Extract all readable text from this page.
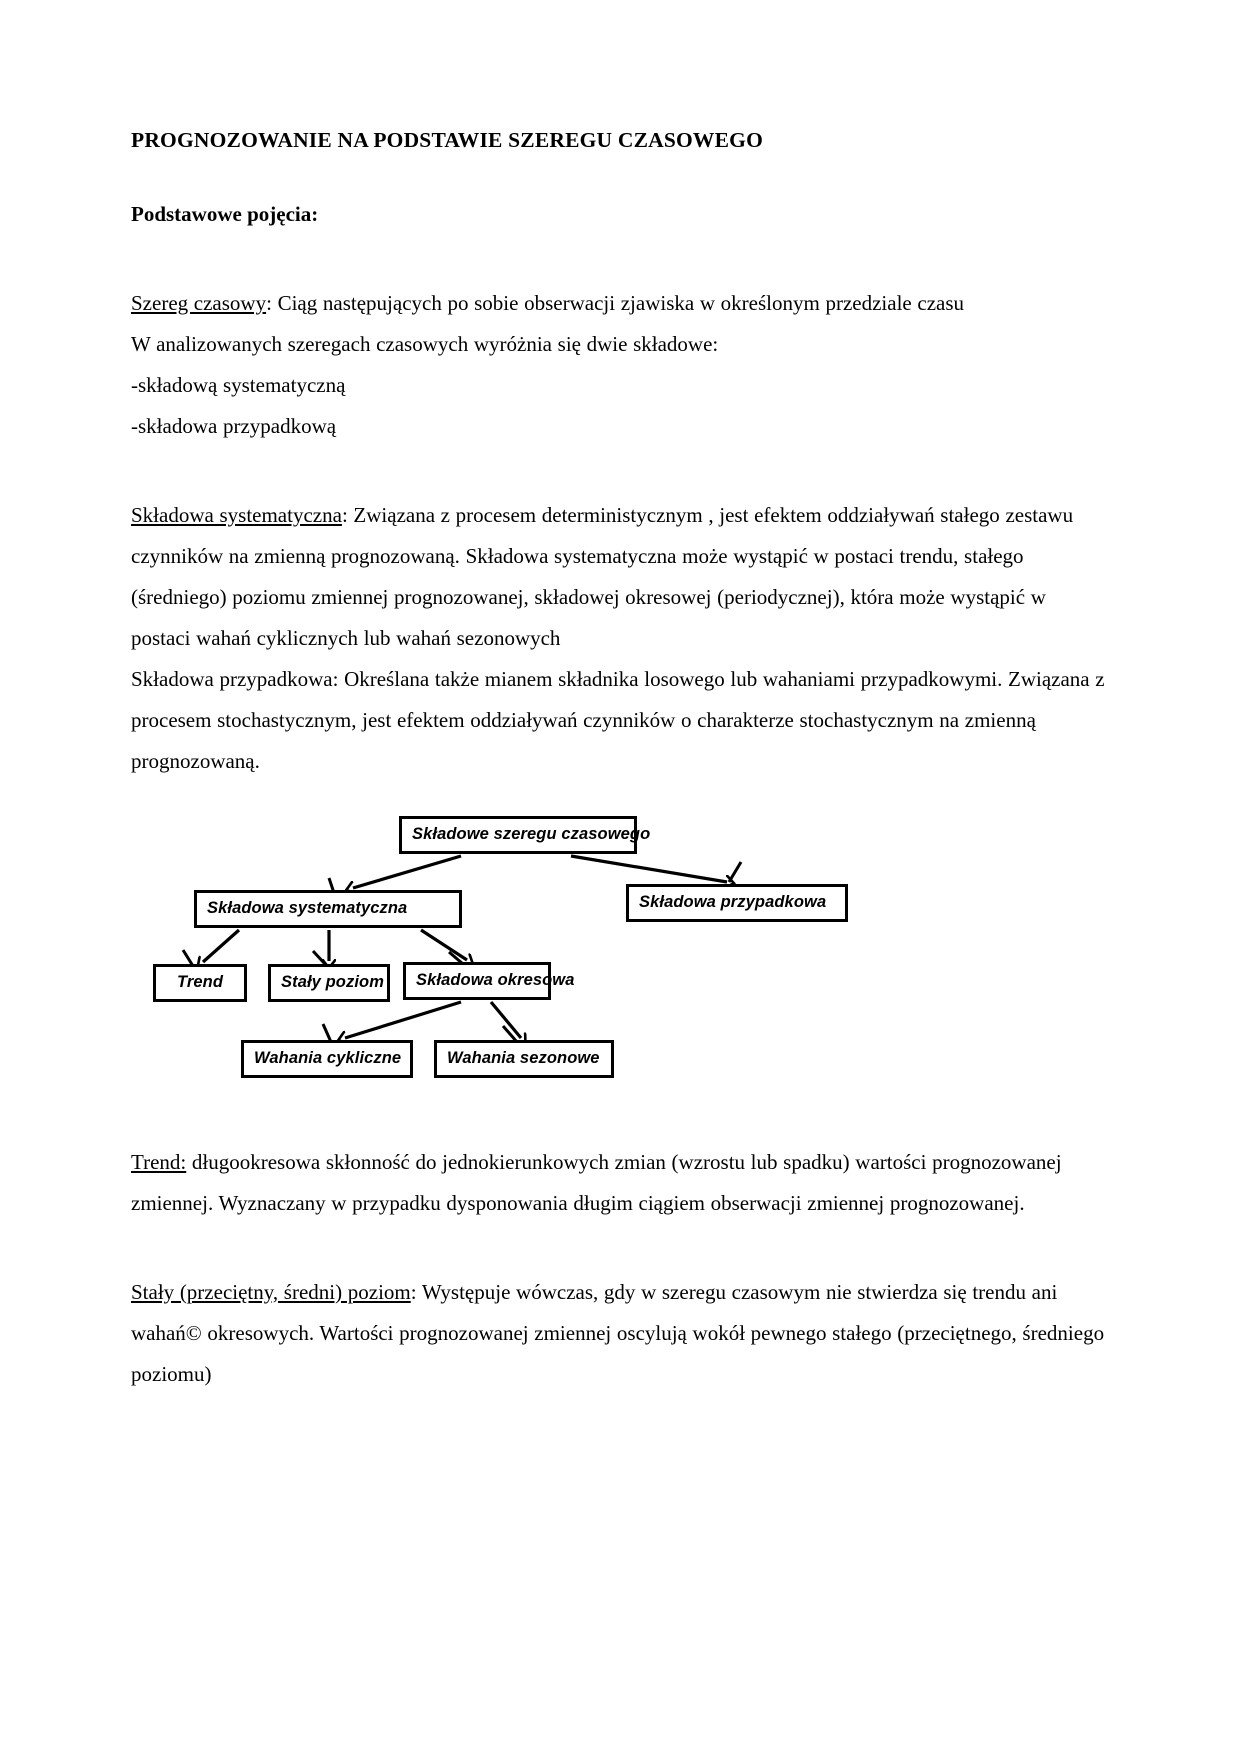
PROGNOZOWANIE NA PODSTAWIE SZEREGU CZASOWEGO
Podstawowe pojęcia:

Szereg czasowy: Ciąg następujących po sobie obserwacji zjawiska w określonym przedziale czasu

W analizowanych szeregach czasowych wyróżnia się dwie składowe:

-składową systematyczną

-składowa przypadkową

Składowa systematyczna: Związana z procesem deterministycznym , jest efektem oddziaływań stałego zestawu czynników na zmienną prognozowaną. Składowa systematyczna może wystąpić w postaci trendu, stałego (średniego) poziomu zmiennej prognozowanej, składowej okresowej (periodycznej), która może wystąpić w postaci wahań cyklicznych lub wahań sezonowych

Składowa przypadkowa: Określana także mianem składnika losowego lub wahaniami przypadkowymi. Związana z procesem stochastycznym, jest efektem oddziaływań czynników o charakterze stochastycznym na zmienną prognozowaną.

Składowe szeregu czasowego
Składowa systematyczna	Składowa przypadkowa
Trend	Stały poziom	Składowa okresowa
Wahania cykliczne	Wahania sezonowe

Trend: długookresowa skłonność do jednokierunkowych zmian (wzrostu lub spadku) wartości prognozowanej zmiennej. Wyznaczany w przypadku dysponowania długim ciągiem obserwacji zmiennej prognozowanej.

Stały (przeciętny, średni) poziom: Występuje wówczas, gdy w szeregu czasowym nie stwierdza się trendu ani wahań© okresowych. Wartości prognozowanej zmiennej oscylują wokół pewnego stałego (przeciętnego, średniego poziomu)
